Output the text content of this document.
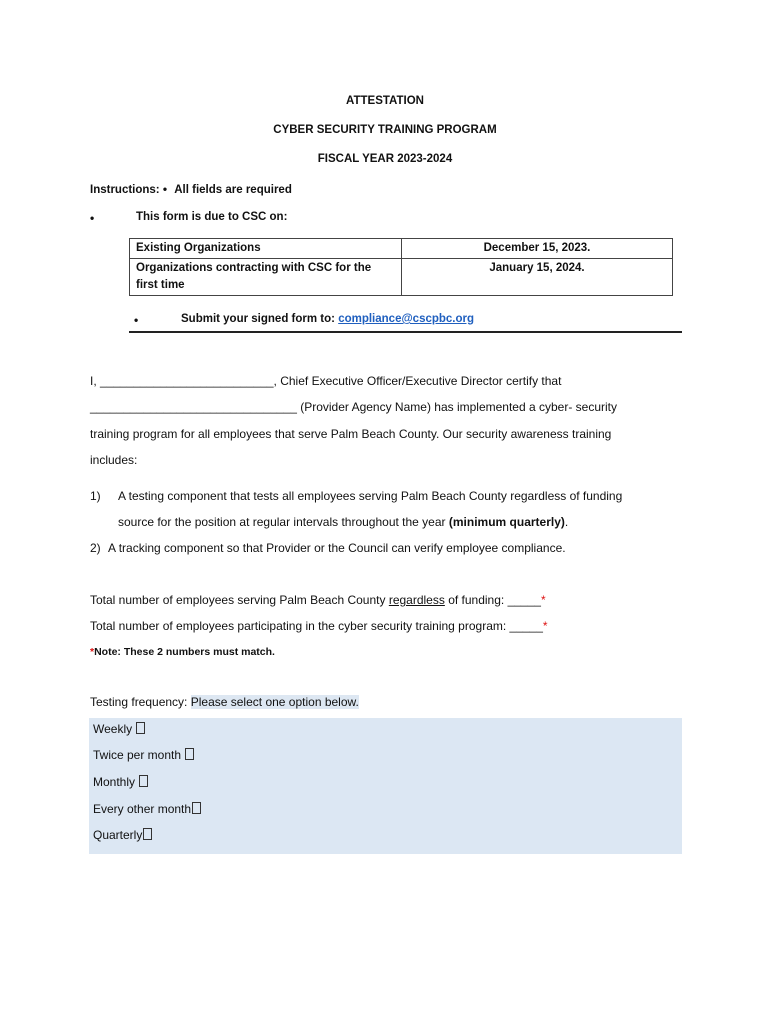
ATTESTATION
CYBER SECURITY TRAINING PROGRAM
FISCAL YEAR 2023-2024
Instructions: • All fields are required
•	This form is due to CSC on:
Existing Organizations	December 15, 2023.
Organizations contracting with CSC for the first time	January 15, 2024.
•	Submit your signed form to: compliance@cscpbc.org
I, __________________________, Chief Executive Officer/Executive Director certify that
_______________________________ (Provider Agency Name) has implemented a cyber- security
training program for all employees that serve Palm Beach County. Our security awareness training
includes:
1) A testing component that tests all employees serving Palm Beach County regardless of funding
source for the position at regular intervals throughout the year (minimum quarterly).
2) A tracking component so that Provider or the Council can verify employee compliance.
Total number of employees serving Palm Beach County regardless of funding: _____*
Total number of employees participating in the cyber security training program: _____*
*Note: These 2 numbers must match.
Testing frequency: Please select one option below.
Weekly
Twice per month
Monthly
Every other month
Quarterly
